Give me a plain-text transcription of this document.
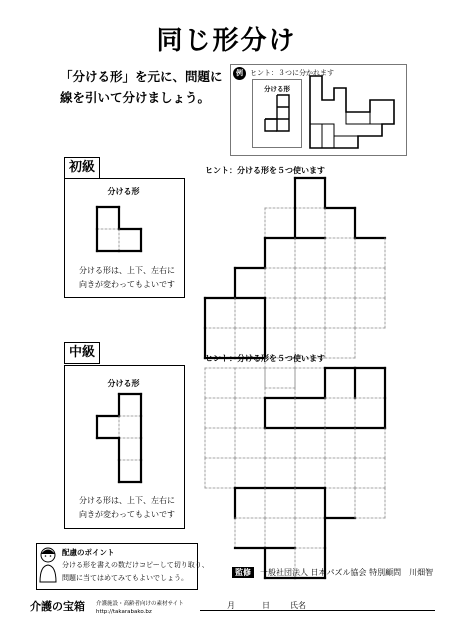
同じ形分け
「分ける形」を元に、問題に
線を引いて分けましょう。
例	ヒント：３つに分かれます
分ける形
初級
分ける形
分ける形は、上下、左右に
向きが変わってもよいです
ヒント：分ける形を５つ使います
中級
分ける形
分ける形は、上下、左右に
向きが変わってもよいです
ヒント：分ける形を５つ使います
配慮のポイント
分ける形を書えの数だけコピーして切り取り、
問題に当てはめてみてもよいでしょう。
監修 一般社団法人 日本パズル協会 特別顧問　川畑智
介護の宝箱 介護施設・高齢者向けの素材サイト
http://takarabako.bz
月	日	氏名
